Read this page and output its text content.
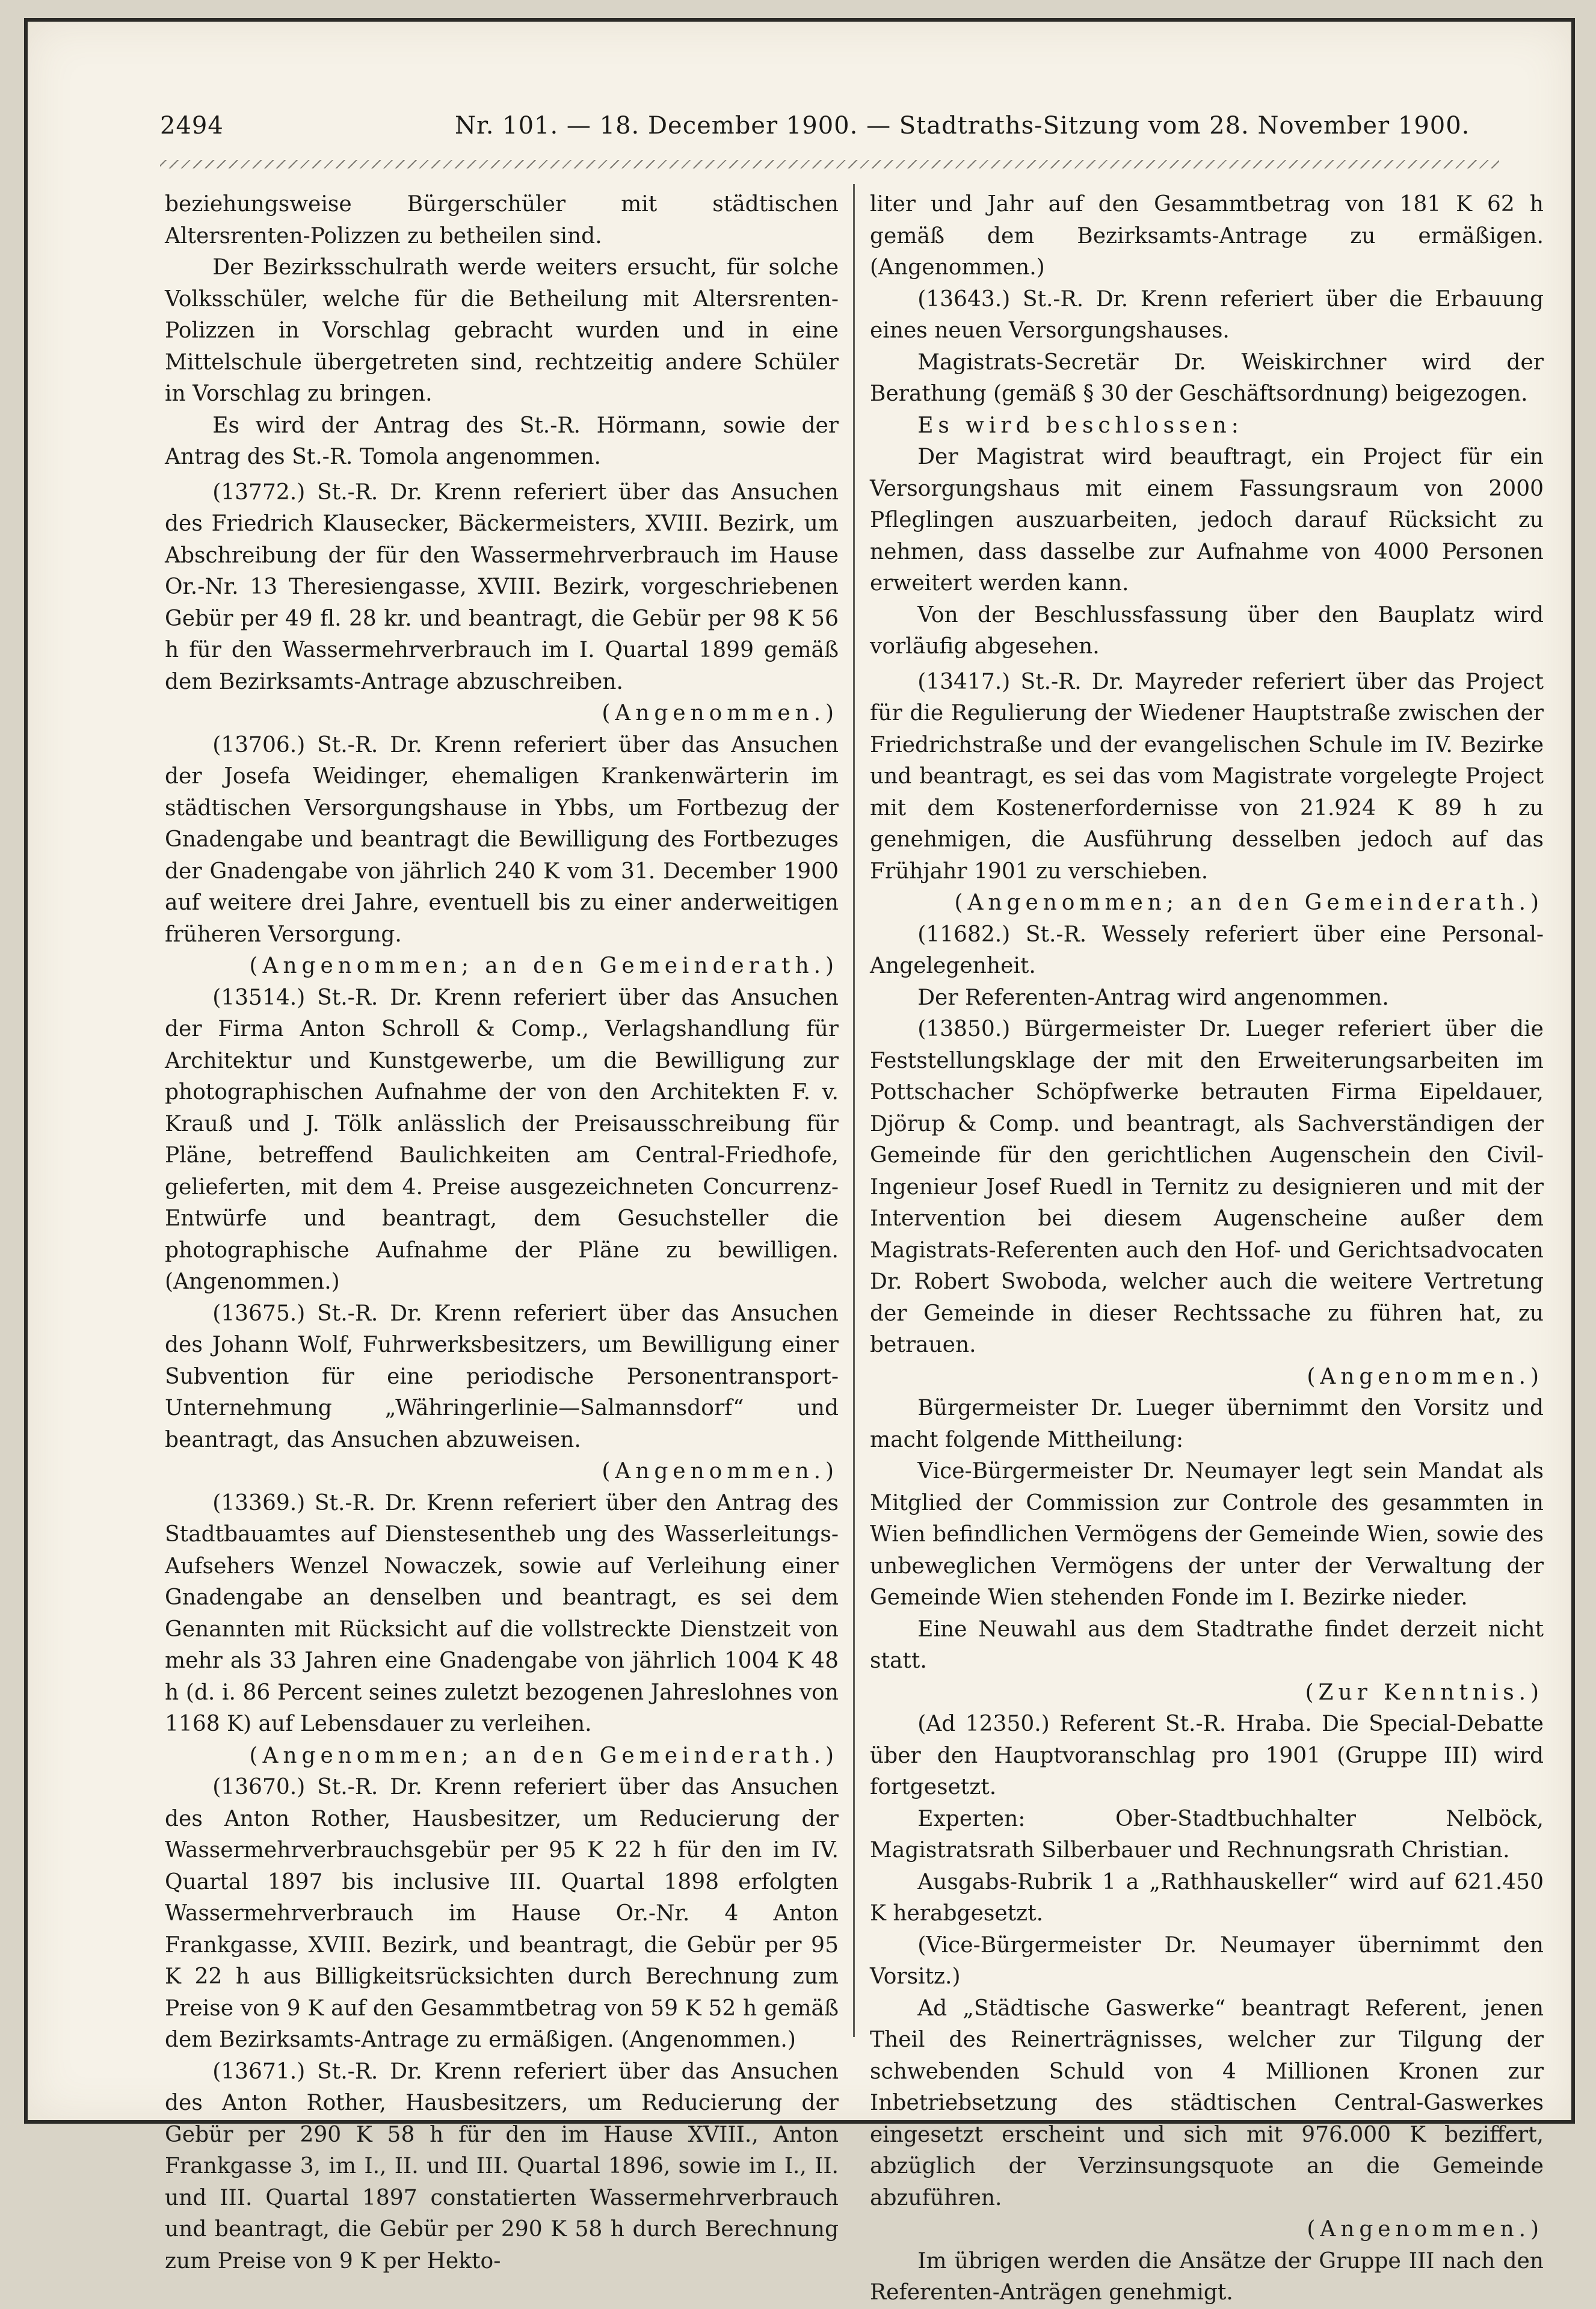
2494	Nr. 101. — 18. December 1900. — Stadtraths-Sitzung vom 28. November 1900.

beziehungsweise Bürgerschüler mit städtischen Altersrenten-Polizzen zu betheilen sind.

Der Bezirksschulrath werde weiters ersucht, für solche Volksschüler, welche für die Betheilung mit Altersrenten-Polizzen in Vorschlag gebracht wurden und in eine Mittelschule übergetreten sind, rechtzeitig andere Schüler in Vorschlag zu bringen.

Es wird der Antrag des St.-R. Hörmann, sowie der Antrag des St.-R. Tomola angenommen.

(13772.) St.-R. Dr. Krenn referiert über das Ansuchen des Friedrich Klausecker, Bäckermeisters, XVIII. Bezirk, um Abschreibung der für den Wassermehrverbrauch im Hause Or.-Nr. 13 Theresiengasse, XVIII. Bezirk, vorgeschriebenen Gebür per 49 fl. 28 kr. und beantragt, die Gebür per 98 K 56 h für den Wassermehrverbrauch im I. Quartal 1899 gemäß dem Bezirksamts-Antrage abzuschreiben.

(Angenommen.)

(13706.) St.-R. Dr. Krenn referiert über das Ansuchen der Josefa Weidinger, ehemaligen Krankenwärterin im städtischen Versorgungshause in Ybbs, um Fortbezug der Gnadengabe und beantragt die Bewilligung des Fortbezuges der Gnadengabe von jährlich 240 K vom 31. December 1900 auf weitere drei Jahre, eventuell bis zu einer anderweitigen früheren Versorgung.

(Angenommen; an den Gemeinderath.)

(13514.) St.-R. Dr. Krenn referiert über das Ansuchen der Firma Anton Schroll & Comp., Verlagshandlung für Architektur und Kunstgewerbe, um die Bewilligung zur photographischen Aufnahme der von den Architekten F. v. Krauß und J. Tölk anlässlich der Preisausschreibung für Pläne, betreffend Baulichkeiten am Central-Friedhofe, gelieferten, mit dem 4. Preise ausgezeichneten Concurrenz-Entwürfe und beantragt, dem Gesuchsteller die photographische Aufnahme der Pläne zu bewilligen. (Angenommen.)

(13675.) St.-R. Dr. Krenn referiert über das Ansuchen des Johann Wolf, Fuhrwerksbesitzers, um Bewilligung einer Subvention für eine periodische Personentransport-Unternehmung „Währingerlinie—Salmannsdorf“ und beantragt, das Ansuchen abzuweisen.

(Angenommen.)

(13369.) St.-R. Dr. Krenn referiert über den Antrag des Stadtbauamtes auf Dienstesentheb ung des Wasserleitungs-Aufsehers Wenzel Nowaczek, sowie auf Verleihung einer Gnadengabe an denselben und beantragt, es sei dem Genannten mit Rücksicht auf die vollstreckte Dienstzeit von mehr als 33 Jahren eine Gnadengabe von jährlich 1004 K 48 h (d. i. 86 Percent seines zuletzt bezogenen Jahreslohnes von 1168 K) auf Lebensdauer zu verleihen.

(Angenommen; an den Gemeinderath.)

(13670.) St.-R. Dr. Krenn referiert über das Ansuchen des Anton Rother, Hausbesitzer, um Reducierung der Wassermehrverbrauchsgebür per 95 K 22 h für den im IV. Quartal 1897 bis inclusive III. Quartal 1898 erfolgten Wassermehrverbrauch im Hause Or.-Nr. 4 Anton Frankgasse, XVIII. Bezirk, und beantragt, die Gebür per 95 K 22 h aus Billigkeitsrücksichten durch Berechnung zum Preise von 9 K auf den Gesammtbetrag von 59 K 52 h gemäß dem Bezirksamts-Antrage zu ermäßigen. (Angenommen.)

(13671.) St.-R. Dr. Krenn referiert über das Ansuchen des Anton Rother, Hausbesitzers, um Reducierung der Gebür per 290 K 58 h für den im Hause XVIII., Anton Frankgasse 3, im I., II. und III. Quartal 1896, sowie im I., II. und III. Quartal 1897 constatierten Wassermehrverbrauch und beantragt, die Gebür per 290 K 58 h durch Berechnung zum Preise von 9 K per Hekto-

liter und Jahr auf den Gesammtbetrag von 181 K 62 h gemäß dem Bezirksamts-Antrage zu ermäßigen. (Angenommen.)

(13643.) St.-R. Dr. Krenn referiert über die Erbauung eines neuen Versorgungshauses.

Magistrats-Secretär Dr. Weiskirchner wird der Berathung (gemäß § 30 der Geschäftsordnung) beigezogen.

Es wird beschlossen:

Der Magistrat wird beauftragt, ein Project für ein Versorgungshaus mit einem Fassungsraum von 2000 Pfleglingen auszuarbeiten, jedoch darauf Rücksicht zu nehmen, dass dasselbe zur Aufnahme von 4000 Personen erweitert werden kann.

Von der Beschlussfassung über den Bauplatz wird vorläufig abgesehen.

(13417.) St.-R. Dr. Mayreder referiert über das Project für die Regulierung der Wiedener Hauptstraße zwischen der Friedrichstraße und der evangelischen Schule im IV. Bezirke und beantragt, es sei das vom Magistrate vorgelegte Project mit dem Kostenerfordernisse von 21.924 K 89 h zu genehmigen, die Ausführung desselben jedoch auf das Frühjahr 1901 zu verschieben.

(Angenommen; an den Gemeinderath.)

(11682.) St.-R. Wessely referiert über eine Personal-Angelegenheit.

Der Referenten-Antrag wird angenommen.

(13850.) Bürgermeister Dr. Lueger referiert über die Feststellungsklage der mit den Erweiterungsarbeiten im Pottschacher Schöpfwerke betrauten Firma Eipeldauer, Djörup & Comp. und beantragt, als Sachverständigen der Gemeinde für den gerichtlichen Augenschein den Civil-Ingenieur Josef Ruedl in Ternitz zu designieren und mit der Intervention bei diesem Augenscheine außer dem Magistrats-Referenten auch den Hof- und Gerichtsadvocaten Dr. Robert Swoboda, welcher auch die weitere Vertretung der Gemeinde in dieser Rechtssache zu führen hat, zu betrauen.

(Angenommen.)

Bürgermeister Dr. Lueger übernimmt den Vorsitz und macht folgende Mittheilung:

Vice-Bürgermeister Dr. Neumayer legt sein Mandat als Mitglied der Commission zur Controle des gesammten in Wien befindlichen Vermögens der Gemeinde Wien, sowie des unbeweglichen Vermögens der unter der Verwaltung der Gemeinde Wien stehenden Fonde im I. Bezirke nieder.

Eine Neuwahl aus dem Stadtrathe findet derzeit nicht statt.

(Zur Kenntnis.)

(Ad 12350.) Referent St.-R. Hraba. Die Special-Debatte über den Hauptvoranschlag pro 1901 (Gruppe III) wird fortgesetzt.

Experten: Ober-Stadtbuchhalter Nelböck, Magistratsrath Silberbauer und Rechnungsrath Christian.

Ausgabs-Rubrik 1 a „Rathhauskeller“ wird auf 621.450 K herabgesetzt.

(Vice-Bürgermeister Dr. Neumayer übernimmt den Vorsitz.)

Ad „Städtische Gaswerke“ beantragt Referent, jenen Theil des Reinerträgnisses, welcher zur Tilgung der schwebenden Schuld von 4 Millionen Kronen zur Inbetriebsetzung des städtischen Central-Gaswerkes eingesetzt erscheint und sich mit 976.000 K beziffert, abzüglich der Verzinsungsquote an die Gemeinde abzuführen.

(Angenommen.)

Im übrigen werden die Ansätze der Gruppe III nach den Referenten-Anträgen genehmigt.
